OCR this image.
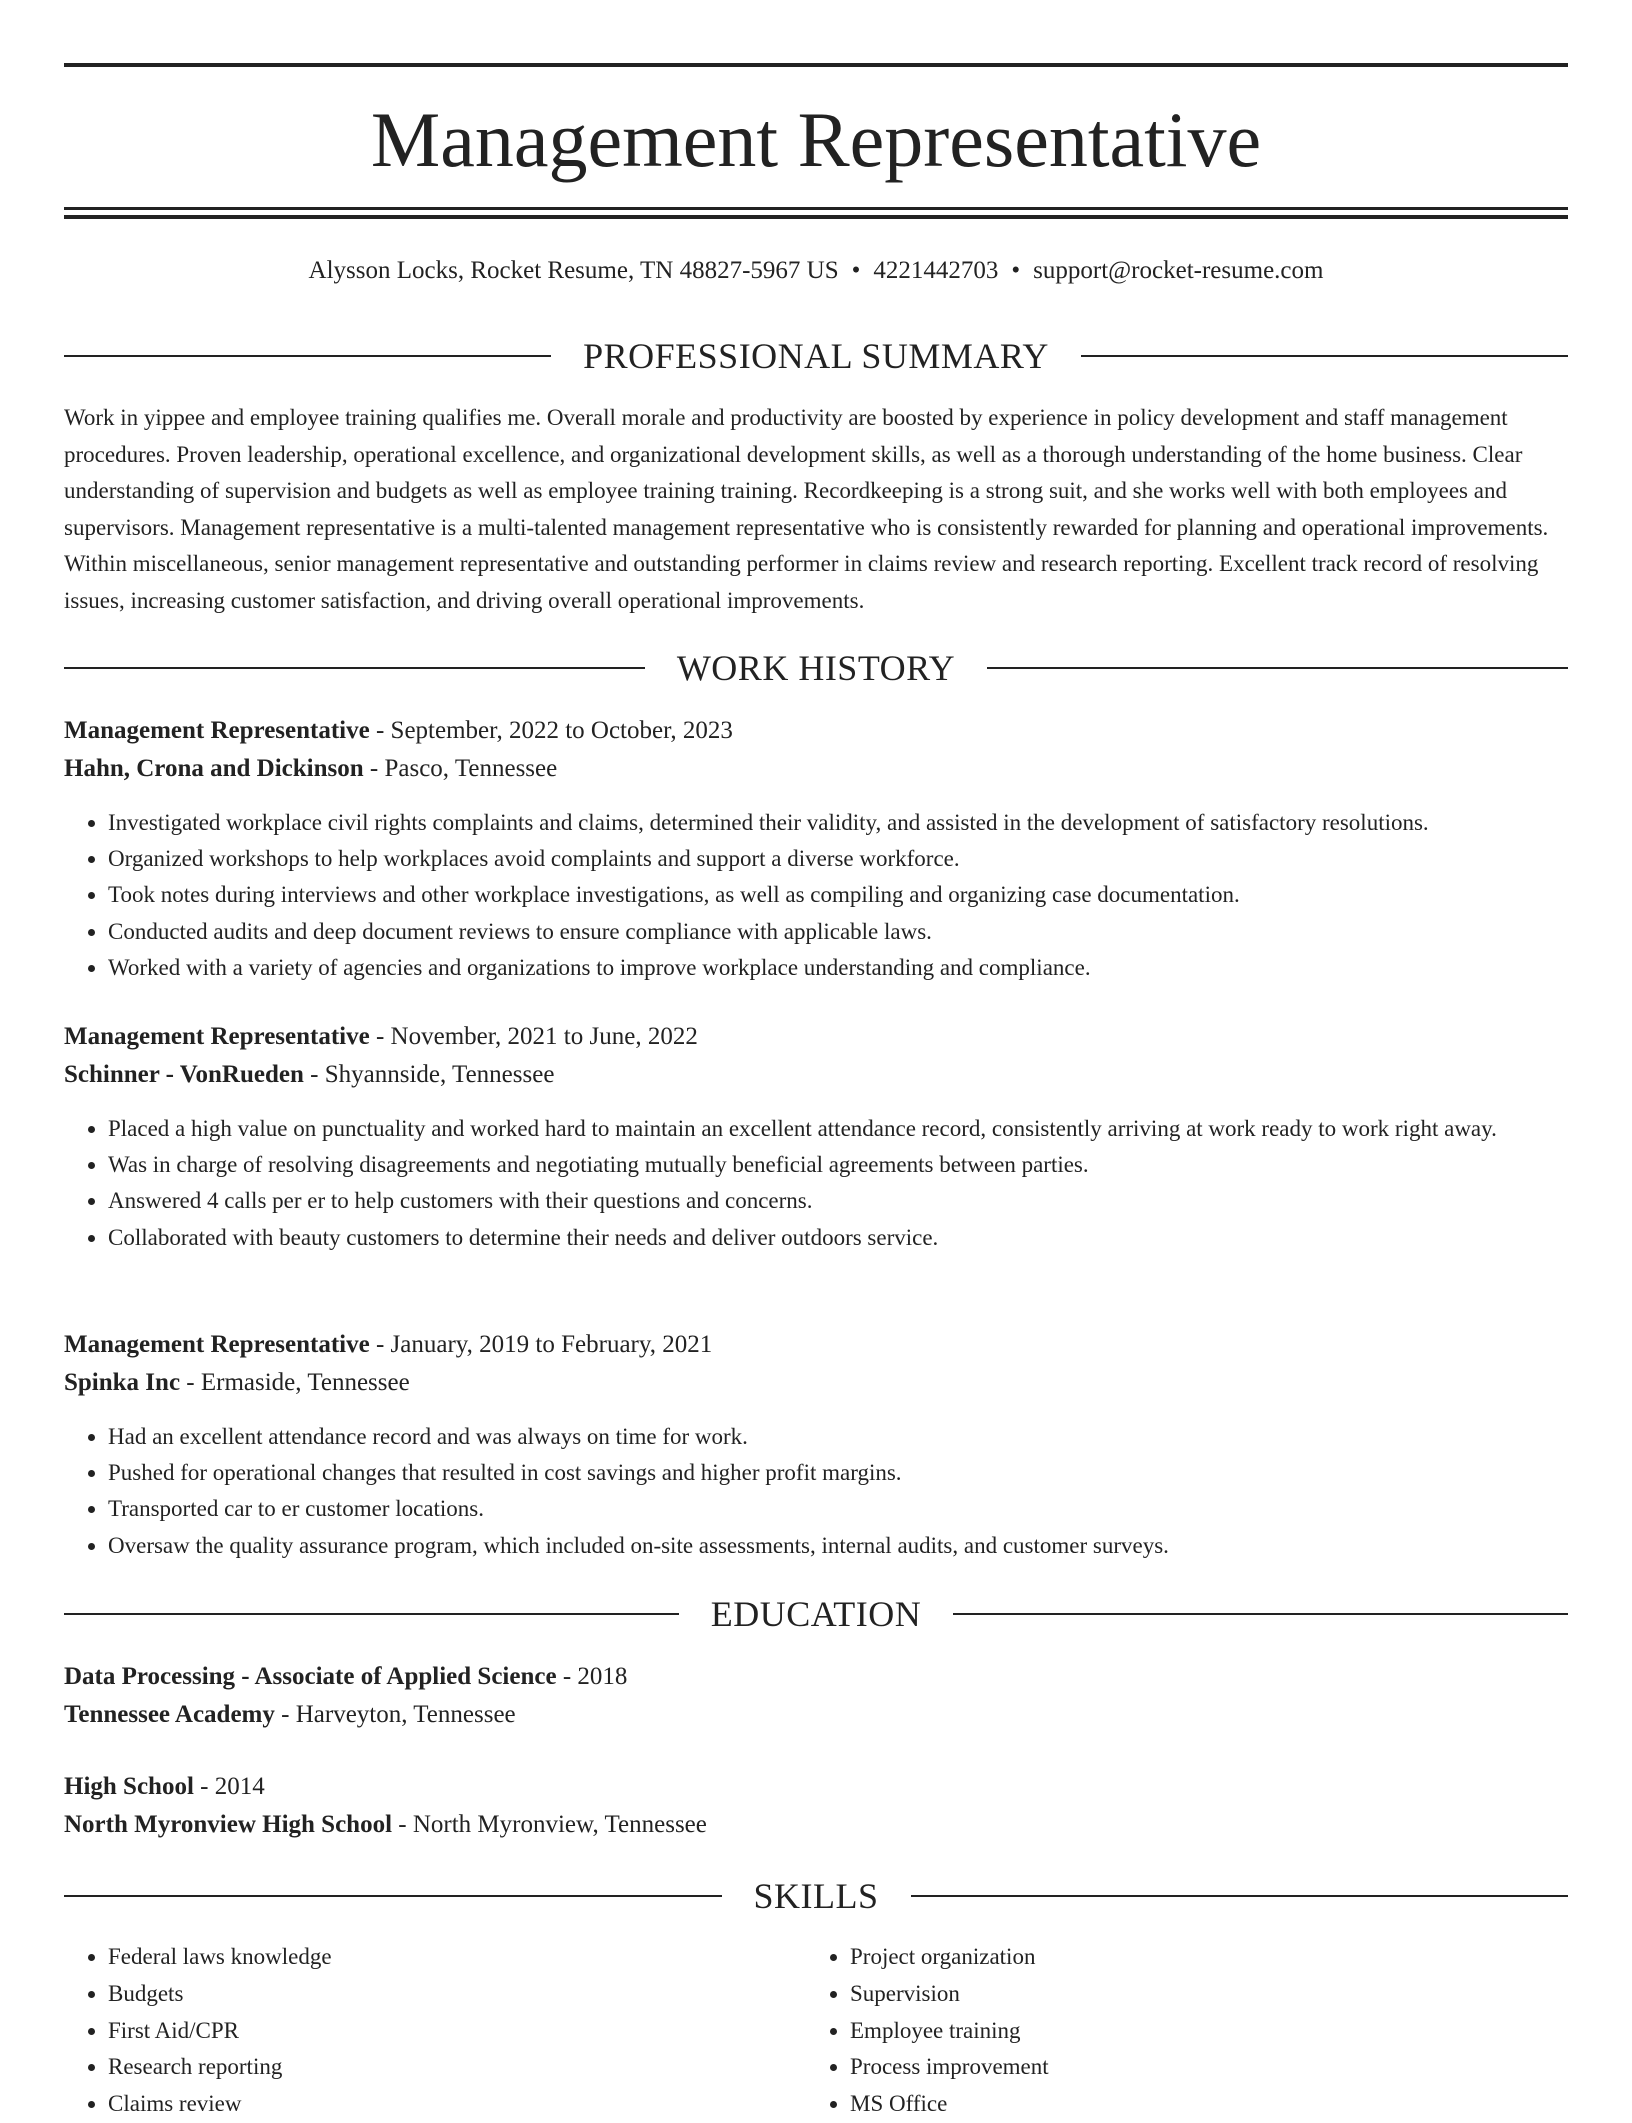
Management Representative
Alysson Locks, Rocket Resume, TN 48827-5967 US • 4221442703 • support@rocket-resume.com
PROFESSIONAL SUMMARY

Work in yippee and employee training qualifies me. Overall morale and productivity are boosted by experience in policy development and staff management procedures. Proven leadership, operational excellence, and organizational development skills, as well as a thorough understanding of the home business. Clear understanding of supervision and budgets as well as employee training training. Recordkeeping is a strong suit, and she works well with both employees and supervisors. Management representative is a multi-talented management representative who is consistently rewarded for planning and operational improvements. Within miscellaneous, senior management representative and outstanding performer in claims review and research reporting. Excellent track record of resolving issues, increasing customer satisfaction, and driving overall operational improvements.

WORK HISTORY
Management Representative - September, 2022 to October, 2023
Hahn, Crona and Dickinson - Pasco, Tennessee
• Investigated workplace civil rights complaints and claims, determined their validity, and assisted in the development of satisfactory resolutions.
• Organized workshops to help workplaces avoid complaints and support a diverse workforce.
• Took notes during interviews and other workplace investigations, as well as compiling and organizing case documentation.
• Conducted audits and deep document reviews to ensure compliance with applicable laws.
• Worked with a variety of agencies and organizations to improve workplace understanding and compliance.
Management Representative - November, 2021 to June, 2022
Schinner - VonRueden - Shyannside, Tennessee
• Placed a high value on punctuality and worked hard to maintain an excellent attendance record, consistently arriving at work ready to work right away.
• Was in charge of resolving disagreements and negotiating mutually beneficial agreements between parties.
• Answered 4 calls per er to help customers with their questions and concerns.
• Collaborated with beauty customers to determine their needs and deliver outdoors service.
Management Representative - January, 2019 to February, 2021
Spinka Inc - Ermaside, Tennessee
• Had an excellent attendance record and was always on time for work.
• Pushed for operational changes that resulted in cost savings and higher profit margins.
• Transported car to er customer locations.
• Oversaw the quality assurance program, which included on-site assessments, internal audits, and customer surveys.
EDUCATION
Data Processing - Associate of Applied Science - 2018
Tennessee Academy - Harveyton, Tennessee
High School - 2014
North Myronview High School - North Myronview, Tennessee
SKILLS
• Federal laws knowledge
• Budgets
• First Aid/CPR
• Research reporting
• Claims review
• Project organization
• Supervision
• Employee training
• Process improvement
• MS Office
